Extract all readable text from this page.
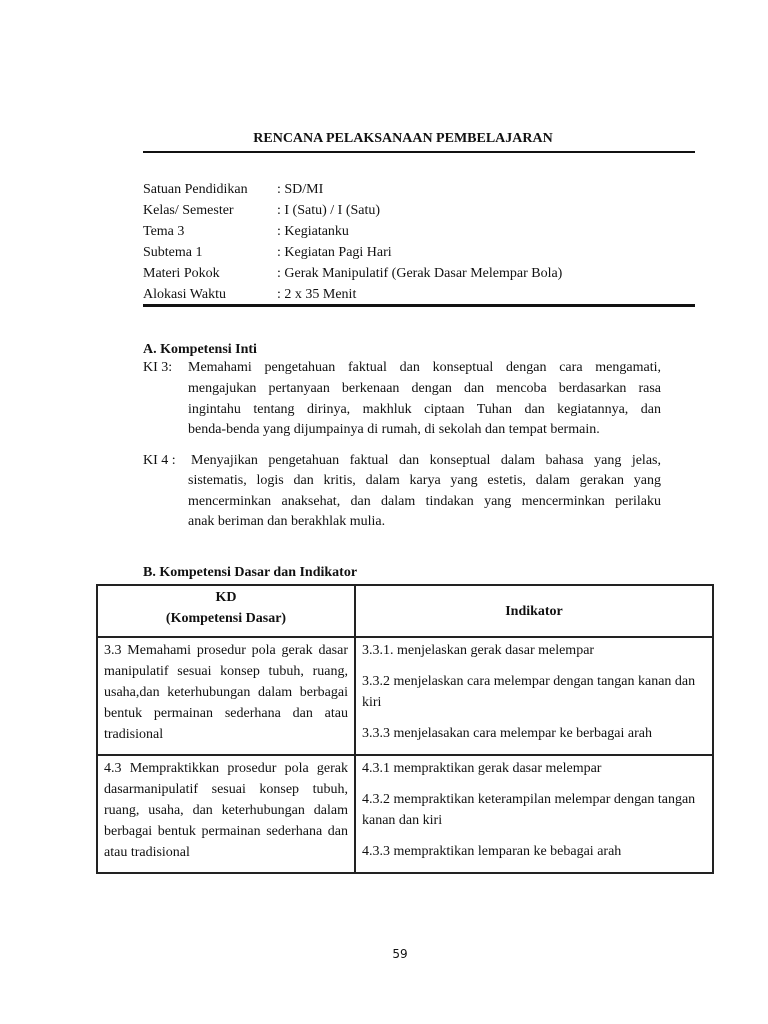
RENCANA PELAKSANAAN PEMBELAJARAN
Satuan Pendidikan : SD/MI
Kelas/ Semester	: I (Satu) / I (Satu)
Tema 3	: Kegiatanku
Subtema 1	: Kegiatan Pagi Hari
Materi Pokok	: Gerak Manipulatif (Gerak Dasar Melempar Bola)
Alokasi Waktu	: 2 x 35 Menit
A. Kompetensi Inti
KI 3: Memahami pengetahuan faktual dan konseptual dengan cara mengamati,
mengajukan pertanyaan berkenaan dengan dan mencoba berdasarkan rasa
ingintahu tentang dirinya, makhluk ciptaan Tuhan dan kegiatannya, dan
benda-benda yang dijumpainya di rumah, di sekolah dan tempat bermain.
KI 4 : Menyajikan pengetahuan faktual dan konseptual dalam bahasa yang jelas,
sistematis, logis dan kritis, dalam karya yang estetis, dalam gerakan yang
mencerminkan anaksehat, dan dalam tindakan yang mencerminkan perilaku
anak beriman dan berakhlak mulia.
B. Kompetensi Dasar dan Indikator
KD
(Kompetensi Dasar)	Indikator
3.3 Memahami prosedur pola gerak dasar manipulatif sesuai konsep tubuh, ruang, usaha,dan keterhubungan dalam berbagai bentuk permainan sederhana dan atau tradisional	3.3.1. menjelaskan gerak dasar melempar

3.3.2 menjelaskan cara melempar dengan tangan kanan dan kiri

3.3.3 menjelasakan cara melempar ke berbagai arah

4.3 Mempraktikkan prosedur pola gerak dasarmanipulatif sesuai konsep tubuh, ruang, usaha, dan keterhubungan dalam berbagai bentuk permainan sederhana dan atau tradisional	4.3.1 mempraktikan gerak dasar melempar

4.3.2 mempraktikan keterampilan melempar dengan tangan kanan dan kiri

4.3.3 mempraktikan lemparan ke bebagai arah

59
